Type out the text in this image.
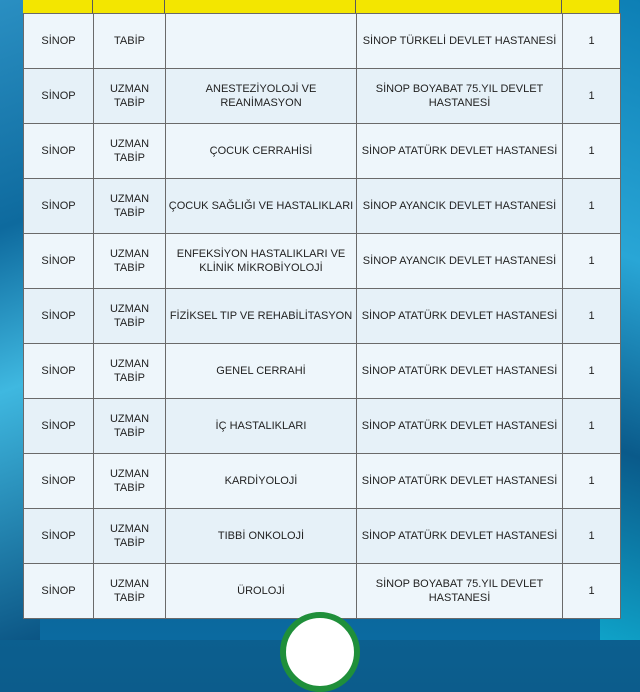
SİNOP	TABİP		SİNOP TÜRKELİ DEVLET HASTANESİ	1
SİNOP	UZMAN TABİP	ANESTEZİYOLOJİ VE REANİMASYON	SİNOP BOYABAT 75.YIL DEVLET HASTANESİ	1
SİNOP	UZMAN TABİP	ÇOCUK CERRAHİSİ	SİNOP ATATÜRK DEVLET HASTANESİ	1
SİNOP	UZMAN TABİP	ÇOCUK SAĞLIĞI VE HASTALIKLARI	SİNOP AYANCIK DEVLET HASTANESİ	1
SİNOP	UZMAN TABİP	ENFEKSİYON HASTALIKLARI VE KLİNİK MİKROBİYOLOJİ	SİNOP AYANCIK DEVLET HASTANESİ	1
SİNOP	UZMAN TABİP	FİZİKSEL TIP VE REHABİLİTASYON	SİNOP ATATÜRK DEVLET HASTANESİ	1
SİNOP	UZMAN TABİP	GENEL CERRAHİ	SİNOP ATATÜRK DEVLET HASTANESİ	1
SİNOP	UZMAN TABİP	İÇ HASTALIKLARI	SİNOP ATATÜRK DEVLET HASTANESİ	1
SİNOP	UZMAN TABİP	KARDİYOLOJİ	SİNOP ATATÜRK DEVLET HASTANESİ	1
SİNOP	UZMAN TABİP	TIBBİ ONKOLOJİ	SİNOP ATATÜRK DEVLET HASTANESİ	1
SİNOP	UZMAN TABİP	ÜROLOJİ	SİNOP BOYABAT 75.YIL DEVLET HASTANESİ	1
